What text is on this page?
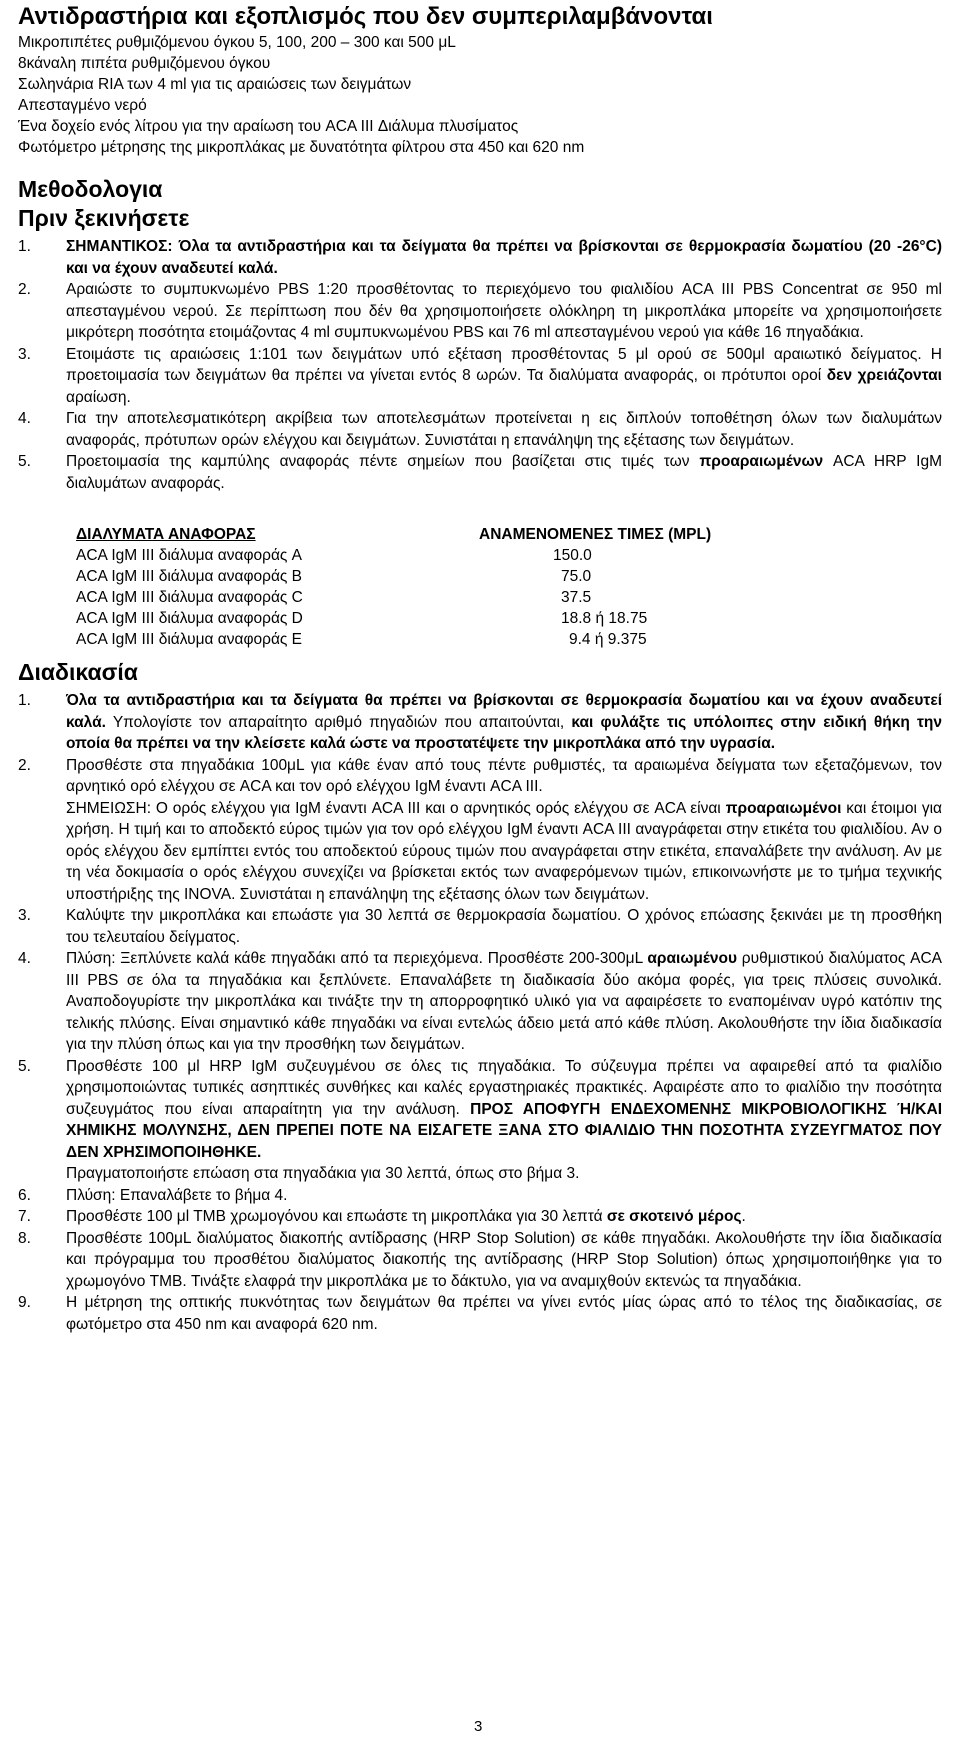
Αντιδραστήρια και εξοπλισμός που δεν συμπεριλαμβάνονται
Μικροπιπέτες ρυθμιζόμενου όγκου 5, 100, 200 – 300 και 500 μL
8κάναλη πιπέτα ρυθμιζόμενου όγκου
Σωληνάρια RIA των 4 ml για τις αραιώσεις των δειγμάτων
Απεσταγμένο νερό
Ένα δοχείο ενός λίτρου για την αραίωση του ACA III Διάλυμα πλυσίματος
Φωτόμετρο μέτρησης της μικροπλάκας με δυνατότητα φίλτρου στα 450 και 620 nm
Μεθοδολογια
Πριν ξεκινήσετε
1. ΣΗΜΑΝΤΙΚΟΣ: Όλα τα αντιδραστήρια και τα δείγματα θα πρέπει να βρίσκονται σε θερμοκρασία δωματίου (20 -26°C) και να έχουν αναδευτεί καλά.
2. Αραιώστε το συμπυκνωμένο PBS 1:20 προσθέτοντας το περιεχόμενο του φιαλιδίου ACA III PBS Concentrat σε 950 ml απεσταγμένου νερού. Σε περίπτωση που δέν θα χρησιμοποιήσετε ολόκληρη τη μικροπλάκα μπορείτε να χρησιμοποιήσετε μικρότερη ποσότητα ετοιμάζοντας 4 ml συμπυκνωμένου PBS και 76 ml απεσταγμένου νερού για κάθε 16 πηγαδάκια.
3. Ετοιμάστε τις αραιώσεις 1:101 των δειγμάτων υπό εξέταση προσθέτοντας 5 μl ορού σε 500μl αραιωτικό δείγματος. Η προετοιμασία των δειγμάτων θα πρέπει να γίνεται εντός 8 ωρών. Τα διαλύματα αναφοράς, οι πρότυποι οροί δεν χρειάζονται αραίωση.
4. Για την αποτελεσματικότερη ακρίβεια των αποτελεσμάτων προτείνεται η εις διπλούν τοποθέτηση όλων των διαλυμάτων αναφοράς, πρότυπων ορών ελέγχου και δειγμάτων. Συνιστάται η επανάληψη της εξέτασης των δειγμάτων.
5. Προετοιμασία της καμπύλης αναφοράς πέντε σημείων που βασίζεται στις τιμές των προαραιωμένων ACA HRP IgM διαλυμάτων αναφοράς.
ΔΙΑΛΥΜΑΤΑ ΑΝΑΦΟΡΑΣ	ΑΝΑΜΕΝΟΜΕΝΕΣ ΤΙΜΕΣ (MPL)
ACA IgM III διάλυμα αναφοράς A	150.0
ACA IgM III διάλυμα αναφοράς B	75.0
ACA IgM III διάλυμα αναφοράς C	37.5
ACA IgM III διάλυμα αναφοράς D	18.8 ή 18.75
ACA IgM III διάλυμα αναφοράς E	9.4 ή 9.375
Διαδικασία
1. Όλα τα αντιδραστήρια και τα δείγματα θα πρέπει να βρίσκονται σε θερμοκρασία δωματίου και να έχουν αναδευτεί καλά. Υπολογίστε τον απαραίτητο αριθμό πηγαδιών που απαιτούνται, και φυλάξτε τις υπόλοιπες στην ειδική θήκη την οποία θα πρέπει να την κλείσετε καλά ώστε να προστατέψετε την μικροπλάκα από την υγρασία.
2. Προσθέστε στα πηγαδάκια 100μL για κάθε έναν από τους πέντε ρυθμιστές, τα αραιωμένα δείγματα των εξεταζόμενων, τον αρνητικό ορό ελέγχου σε ACA και τον ορό ελέγχου IgM έναντι ACA III.
ΣΗΜΕΙΩΣΗ: Ο ορός ελέγχου για IgM έναντι ACA III και ο αρνητικός ορός ελέγχου σε ACA είναι προαραιωμένοι και έτοιμοι για χρήση. Η τιμή και το αποδεκτό εύρος τιμών για τον ορό ελέγχου IgM έναντι ACA III αναγράφεται στην ετικέτα του φιαλιδίου. Αν ο ορός ελέγχου δεν εμπίπτει εντός του αποδεκτού εύρους τιμών που αναγράφεται στην ετικέτα, επαναλάβετε την ανάλυση. Αν με τη νέα δοκιμασία ο ορός ελέγχου συνεχίζει να βρίσκεται εκτός των αναφερόμενων τιμών, επικοινωνήστε με το τμήμα τεχνικής υποστήριξης της INOVA. Συνιστάται η επανάληψη της εξέτασης όλων των δειγμάτων.
3. Καλύψτε την μικροπλάκα και επωάστε για 30 λεπτά σε θερμοκρασία δωματίου. Ο χρόνος επώασης ξεκινάει με τη προσθήκη του τελευταίου δείγματος.
4. Πλύση: Ξεπλύνετε καλά κάθε πηγαδάκι από τα περιεχόμενα. Προσθέστε 200-300μL αραιωμένου ρυθμιστικού διαλύματος ACA III PBS σε όλα τα πηγαδάκια και ξεπλύνετε. Επαναλάβετε τη διαδικασία δύο ακόμα φορές, για τρεις πλύσεις συνολικά. Αναποδογυρίστε την μικροπλάκα και τινάξτε την τη απορροφητικό υλικό για να αφαιρέσετε το εναπομέιναν υγρό κατόπιν της τελικής πλύσης. Είναι σημαντικό κάθε πηγαδάκι να είναι εντελώς άδειο μετά από κάθε πλύση. Ακολουθήστε την ίδια διαδικασία για την πλύση όπως και για την προσθήκη των δειγμάτων.
5. Προσθέστε 100 μl HRP IgM συζευγμένου σε όλες τις πηγαδάκια. Το σύζευγμα πρέπει να αφαιρεθεί από τα φιαλίδιο χρησιμοποιώντας τυπικές ασηπτικές συνθήκες και καλές εργαστηριακές πρακτικές. Αφαιρέστε απο το φιαλίδιο την ποσότητα συζευγμάτος που είναι απαραίτητη για την ανάλυση. ΠΡΟΣ ΑΠΟΦΥΓΗ ΕΝΔΕΧΟΜΕΝΗΣ ΜΙΚΡΟΒΙΟΛΟΓΙΚΗΣ Ή/ΚΑΙ ΧΗΜΙΚΗΣ ΜΟΛΥΝΣΗΣ, ΔΕΝ ΠΡΕΠΕΙ ΠΟΤΕ ΝΑ ΕΙΣΑΓΕΤΕ ΞΑΝΑ ΣΤΟ ΦΙΑΛΙΔΙΟ ΤΗΝ ΠΟΣΟΤΗΤΑ ΣΥΖΕΥΓΜΑΤΟΣ ΠΟΥ ΔΕΝ ΧΡΗΣΙΜΟΠΟΙΗΘΗΚΕ.
Πραγματοποιήστε επώαση στα πηγαδάκια για 30 λεπτά, όπως στο βήμα 3.
6. Πλύση: Επαναλάβετε το βήμα 4.
7. Προσθέστε 100 μl TMB χρωμογόνου και επωάστε τη μικροπλάκα για 30 λεπτά σε σκοτεινό μέρος.
8. Προσθέστε 100μL διαλύματος διακοπής αντίδρασης (HRP Stop Solution) σε κάθε πηγαδάκι. Ακολουθήστε την ίδια διαδικασία και πρόγραμμα του προσθέτου διαλύματος διακοπής της αντίδρασης (HRP Stop Solution) όπως χρησιμοποιήθηκε για το χρωμογόνο TMB. Τινάξτε ελαφρά την μικροπλάκα με το δάκτυλο, για να αναμιχθούν εκτενώς τα πηγαδάκια.
9. Η μέτρηση της οπτικής πυκνότητας των δειγμάτων θα πρέπει να γίνει εντός μίας ώρας από το τέλος της διαδικασίας, σε φωτόμετρο στα 450 nm και αναφορά 620 nm.
3
